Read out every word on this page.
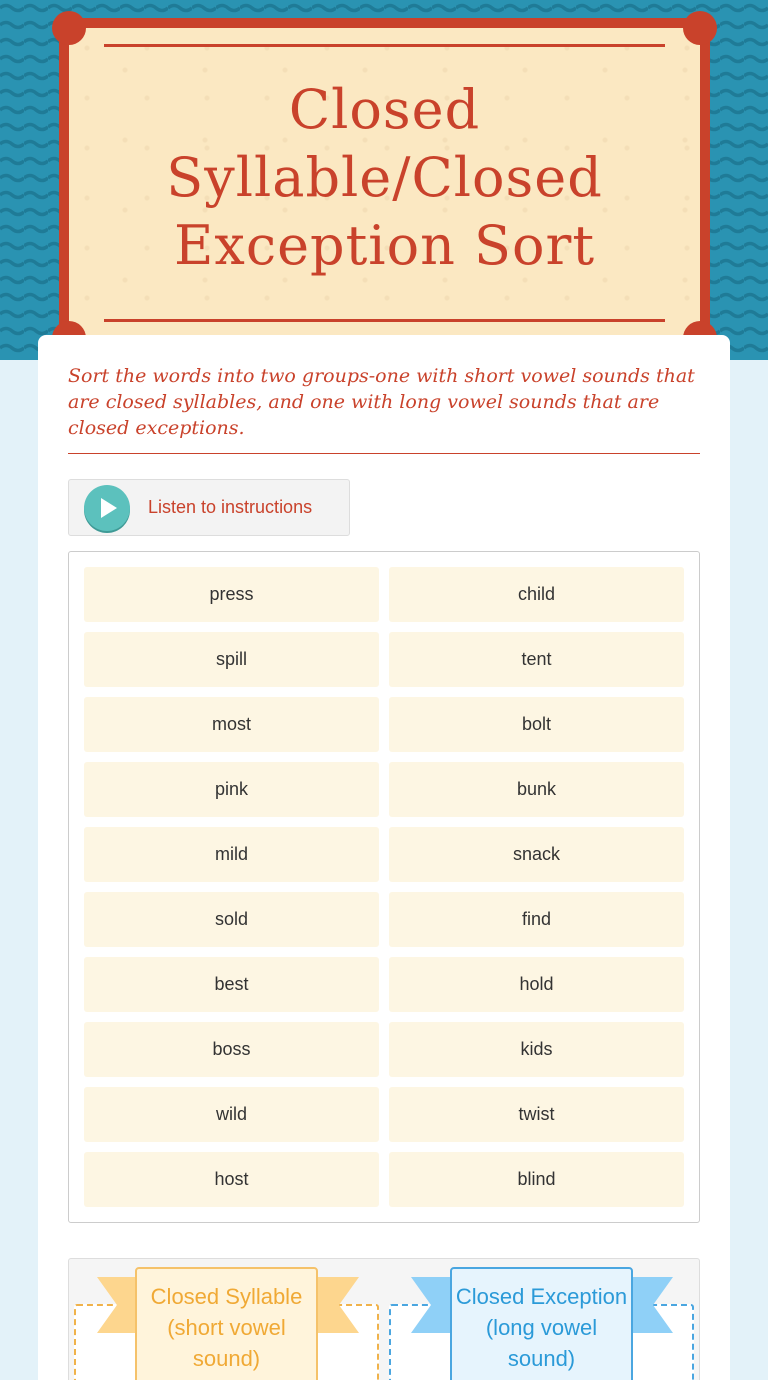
Closed Syllable/Closed Exception Sort

Sort the words into two groups-one with short vowel sounds that are closed syllables, and one with long vowel sounds that are closed exceptions.

Listen to instructions
press	child
spill	tent
most	bolt
pink	bunk
mild	snack
sold	find
best	hold
boss	kids
wild	twist
host	blind
Closed Syllable (short vowel sound)
Closed Exception (long vowel sound)
